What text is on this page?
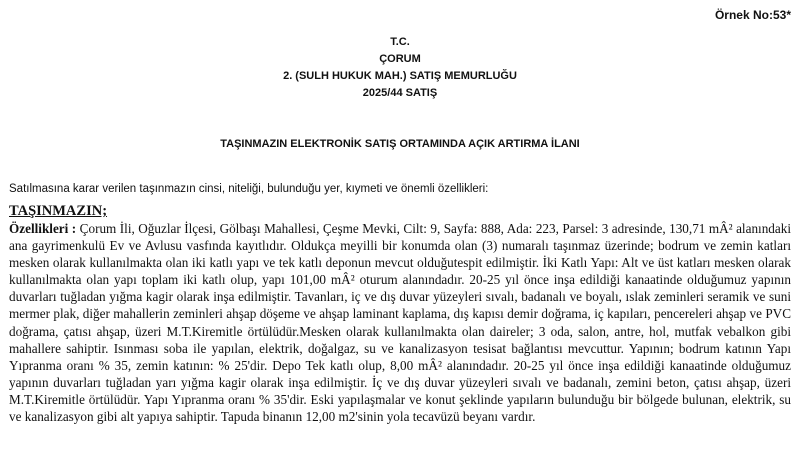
Örnek No:53*
T.C.
ÇORUM
2. (SULH HUKUK MAH.) SATIŞ MEMURLUĞU
2025/44 SATIŞ
TAŞINMAZIN ELEKTRONİK SATIŞ ORTAMINDA AÇIK ARTIRMA İLANI
Satılmasına karar verilen taşınmazın cinsi, niteliği, bulunduğu yer, kıymeti ve önemli özellikleri:
TAŞINMAZIN;
Özellikleri : Çorum İli, Oğuzlar İlçesi, Gölbaşı Mahallesi, Çeşme Mevki, Cilt: 9, Sayfa: 888, Ada: 223, Parsel: 3 adresinde, 130,71 mÂ² alanındaki ana gayrimenkulü Ev ve Avlusu vasfında kayıtlıdır. Oldukça meyilli bir konumda olan (3) numaralı taşınmaz üzerinde; bodrum ve zemin katları mesken olarak kullanılmakta olan iki katlı yapı ve tek katlı deponun mevcut olduğutespit edilmiştir. İki Katlı Yapı: Alt ve üst katları mesken olarak kullanılmakta olan yapı toplam iki katlı olup, yapı 101,00 mÂ² oturum alanındadır. 20-25 yıl önce inşa edildiği kanaatinde olduğumuz yapının duvarları tuğladan yığma kagir olarak inşa edilmiştir. Tavanları, iç ve dış duvar yüzeyleri sıvalı, badanalı ve boyalı, ıslak zeminleri seramik ve suni mermer plak, diğer mahallerin zeminleri ahşap döşeme ve ahşap laminant kaplama, dış kapısı demir doğrama, iç kapıları, pencereleri ahşap ve PVC doğrama, çatısı ahşap, üzeri M.T.Kiremitle örtülüdür.Mesken olarak kullanılmakta olan daireler; 3 oda, salon, antre, hol, mutfak vebalkon gibi mahallere sahiptir. Isınması soba ile yapılan, elektrik, doğalgaz, su ve kanalizasyon tesisat bağlantısı mevcuttur. Yapının; bodrum katının Yapı Yıpranma oranı % 35, zemin katının: % 25'dir. Depo Tek katlı olup, 8,00 mÂ² alanındadır. 20-25 yıl önce inşa edildiği kanaatinde olduğumuz yapının duvarları tuğladan yarı yığma kagir olarak inşa edilmiştir. İç ve dış duvar yüzeyleri sıvalı ve badanalı, zemini beton, çatısı ahşap, üzeri M.T.Kiremitle örtülüdür. Yapı Yıpranma oranı % 35'dir. Eski yapılaşmalar ve konut şeklinde yapıların bulunduğu bir bölgede bulunan, elektrik, su ve kanalizasyon gibi alt yapıya sahiptir. Tapuda binanın 12,00 m2'sinin yola tecavüzü beyanı vardır.
